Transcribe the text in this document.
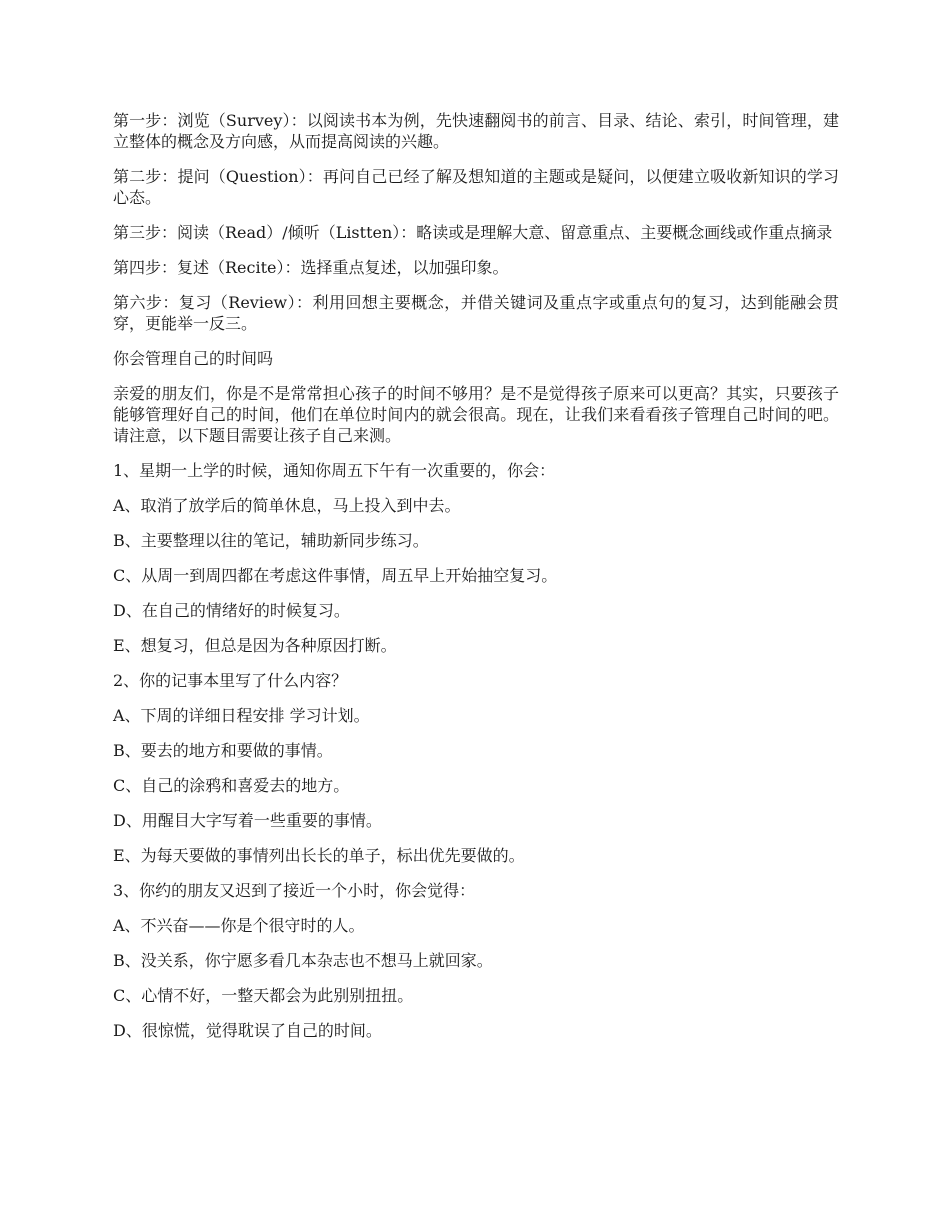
第一步：浏览（Survey）：以阅读书本为例，先快速翻阅书的前言、目录、结论、索引，时间管理，建立整体的概念及方向感，从而提高阅读的兴趣。

第二步：提问（Question）：再问自己已经了解及想知道的主题或是疑问，以便建立吸收新知识的学习心态。

第三步：阅读（Read）/倾听（Listten）：略读或是理解大意、留意重点、主要概念画线或作重点摘录

第四步：复述（Recite）：选择重点复述，以加强印象。

第六步：复习（Review）：利用回想主要概念，并借关键词及重点字或重点句的复习，达到能融会贯穿，更能举一反三。

你会管理自己的时间吗

亲爱的朋友们，你是不是常常担心孩子的时间不够用？是不是觉得孩子原来可以更高？其实，只要孩子能够管理好自己的时间，他们在单位时间内的就会很高。现在，让我们来看看孩子管理自己时间的吧。请注意，以下题目需要让孩子自己来测。

1、星期一上学的时候，通知你周五下午有一次重要的，你会：

A、取消了放学后的简单休息，马上投入到中去。

B、主要整理以往的笔记，辅助新同步练习。

C、从周一到周四都在考虑这件事情，周五早上开始抽空复习。

D、在自己的情绪好的时候复习。

E、想复习，但总是因为各种原因打断。

2、你的记事本里写了什么内容？

A、下周的详细日程安排 学习计划。

B、要去的地方和要做的事情。

C、自己的涂鸦和喜爱去的地方。

D、用醒目大字写着一些重要的事情。

E、为每天要做的事情列出长长的单子，标出优先要做的。

3、你约的朋友又迟到了接近一个小时，你会觉得：

A、不兴奋——你是个很守时的人。

B、没关系，你宁愿多看几本杂志也不想马上就回家。

C、心情不好，一整天都会为此别别扭扭。

D、很惊慌，觉得耽误了自己的时间。
